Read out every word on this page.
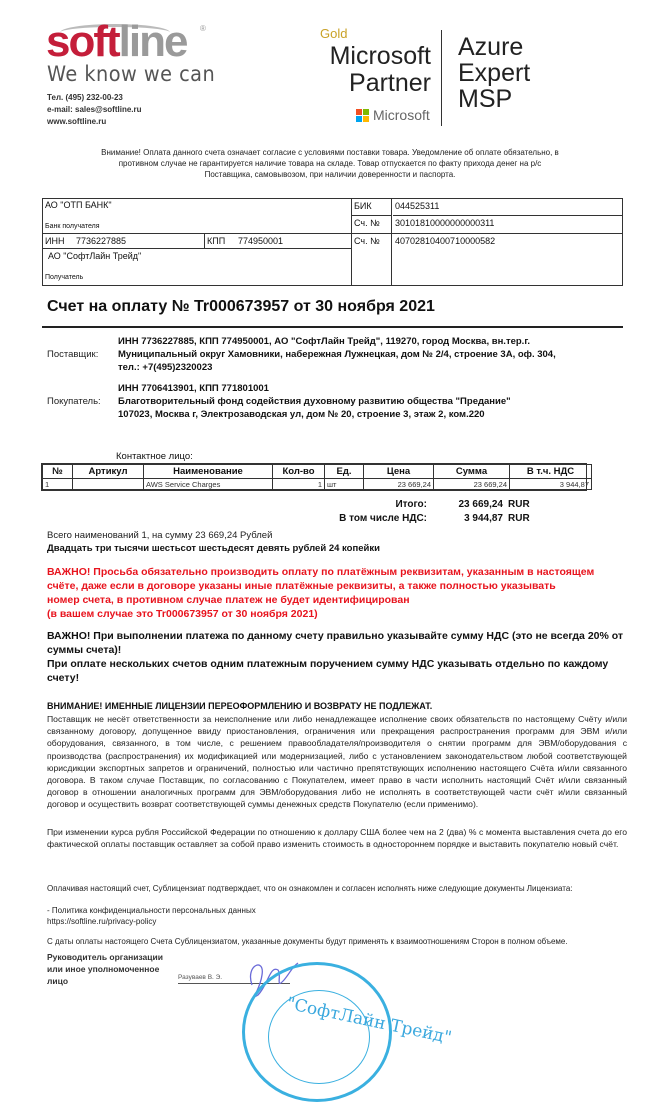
softline ®
We know we can
Тел. (495) 232-00-23
e-mail: sales@softline.ru
www.softline.ru
Gold
Microsoft
Partner
Microsoft
Azure
Expert
MSP
Внимание! Оплата данного счета означает согласие с условиями поставки товара. Уведомление об оплате обязательно, в противном случае не гарантируется наличие товара на складе. Товар отпускается по факту прихода денег на р/с Поставщика, самовывозом, при наличии доверенности и паспорта.
АО "ОТП БАНК"
Банк получателя
БИК	044525311
Сч. № 30101810000000000311
ИНН 7736227885	КПП 774950001	Сч. № 40702810400710000582
АО "СофтЛайн Трейд"
Получатель
Счет на оплату № Tr000673957 от 30 ноября 2021
Поставщик:
ИНН 7736227885, КПП 774950001, АО "СофтЛайн Трейд", 119270, город Москва, вн.тер.г.
Муниципальный округ Хамовники, набережная Лужнецкая, дом № 2/4, строение 3А, оф. 304,
тел.: +7(495)2320023
Покупатель:
ИНН 7706413901, КПП 771801001
Благотворительный фонд содействия духовному развитию общества "Предание"
107023, Москва г, Электрозаводская ул, дом № 20, строение 3, этаж 2, ком.220
Контактное лицо:
№	Артикул	Наименование	Кол-во	Ед.	Цена	Сумма	В т.ч. НДС
1		AWS Service Charges	1	шт	23 669,24	23 669,24	3 944,87
Итого:	23 669,24 RUR
В том числе НДС:	3 944,87 RUR
Всего наименований 1, на сумму 23 669,24 Рублей
Двадцать три тысячи шестьсот шестьдесят девять рублей 24 копейки
ВАЖНО! Просьба обязательно производить оплату по платёжным реквизитам, указанным в настоящем
счёте, даже если в договоре указаны иные платёжные реквизиты, а также полностью указывать
номер счета, в противном случае платеж не будет идентифицирован
(в вашем случае это Tr000673957 от 30 ноября 2021)
ВАЖНО! При выполнении платежа по данному счету правильно указывайте сумму НДС (это не всегда 20% от суммы счета)!
При оплате нескольких счетов одним платежным поручением сумму НДС указывать отдельно по каждому счету!
ВНИМАНИЕ! ИМЕННЫЕ ЛИЦЕНЗИИ ПЕРЕОФОРМЛЕНИЮ И ВОЗВРАТУ НЕ ПОДЛЕЖАТ.
Поставщик не несёт ответственности за неисполнение или либо ненадлежащее исполнение своих обязательств по настоящему Счёту и/или связанному договору, допущенное ввиду приостановления, ограничения или прекращения распространения программ для ЭВМ и/или оборудования, связанного, в том числе, с решением правообладателя/производителя о снятии программ для ЭВМ/оборудования с производства (распространения) их модификацией или модернизацией, либо с установлением законодательством любой соответствующей юрисдикции экспортных запретов и ограничений, полностью или частично препятствующих исполнению настоящего Счёта и/или связанного договора. В таком случае Поставщик, по согласованию с Покупателем, имеет право в части исполнить настоящий Счёт и/или связанный договор в отношении аналогичных программ для ЭВМ/оборудования либо не исполнять в соответствующей части счёт и/или связанный договор и осуществить возврат соответствующей суммы денежных средств Покупателю (если применимо).
При изменении курса рубля Российской Федерации по отношению к доллару США более чем на 2 (два) % с момента выставления счета до его фактической оплаты поставщик оставляет за собой право изменить стоимость в одностороннем порядке и выставить покупателю новый счёт.
Оплачивая настоящий счет, Сублицензиат подтверждает, что он ознакомлен и согласен исполнять ниже следующие документы Лицензиата:
- Политика конфиденциальности персональных данных
https://softline.ru/privacy-policy
С даты оплаты настоящего Счета Сублицензиатом, указанные документы будут применять к взаимоотношениям Сторон в полном объеме.
Руководитель организации
или иное уполномоченное
лицо	Разуваев В. Э.
"СофтЛайн Трейд"
